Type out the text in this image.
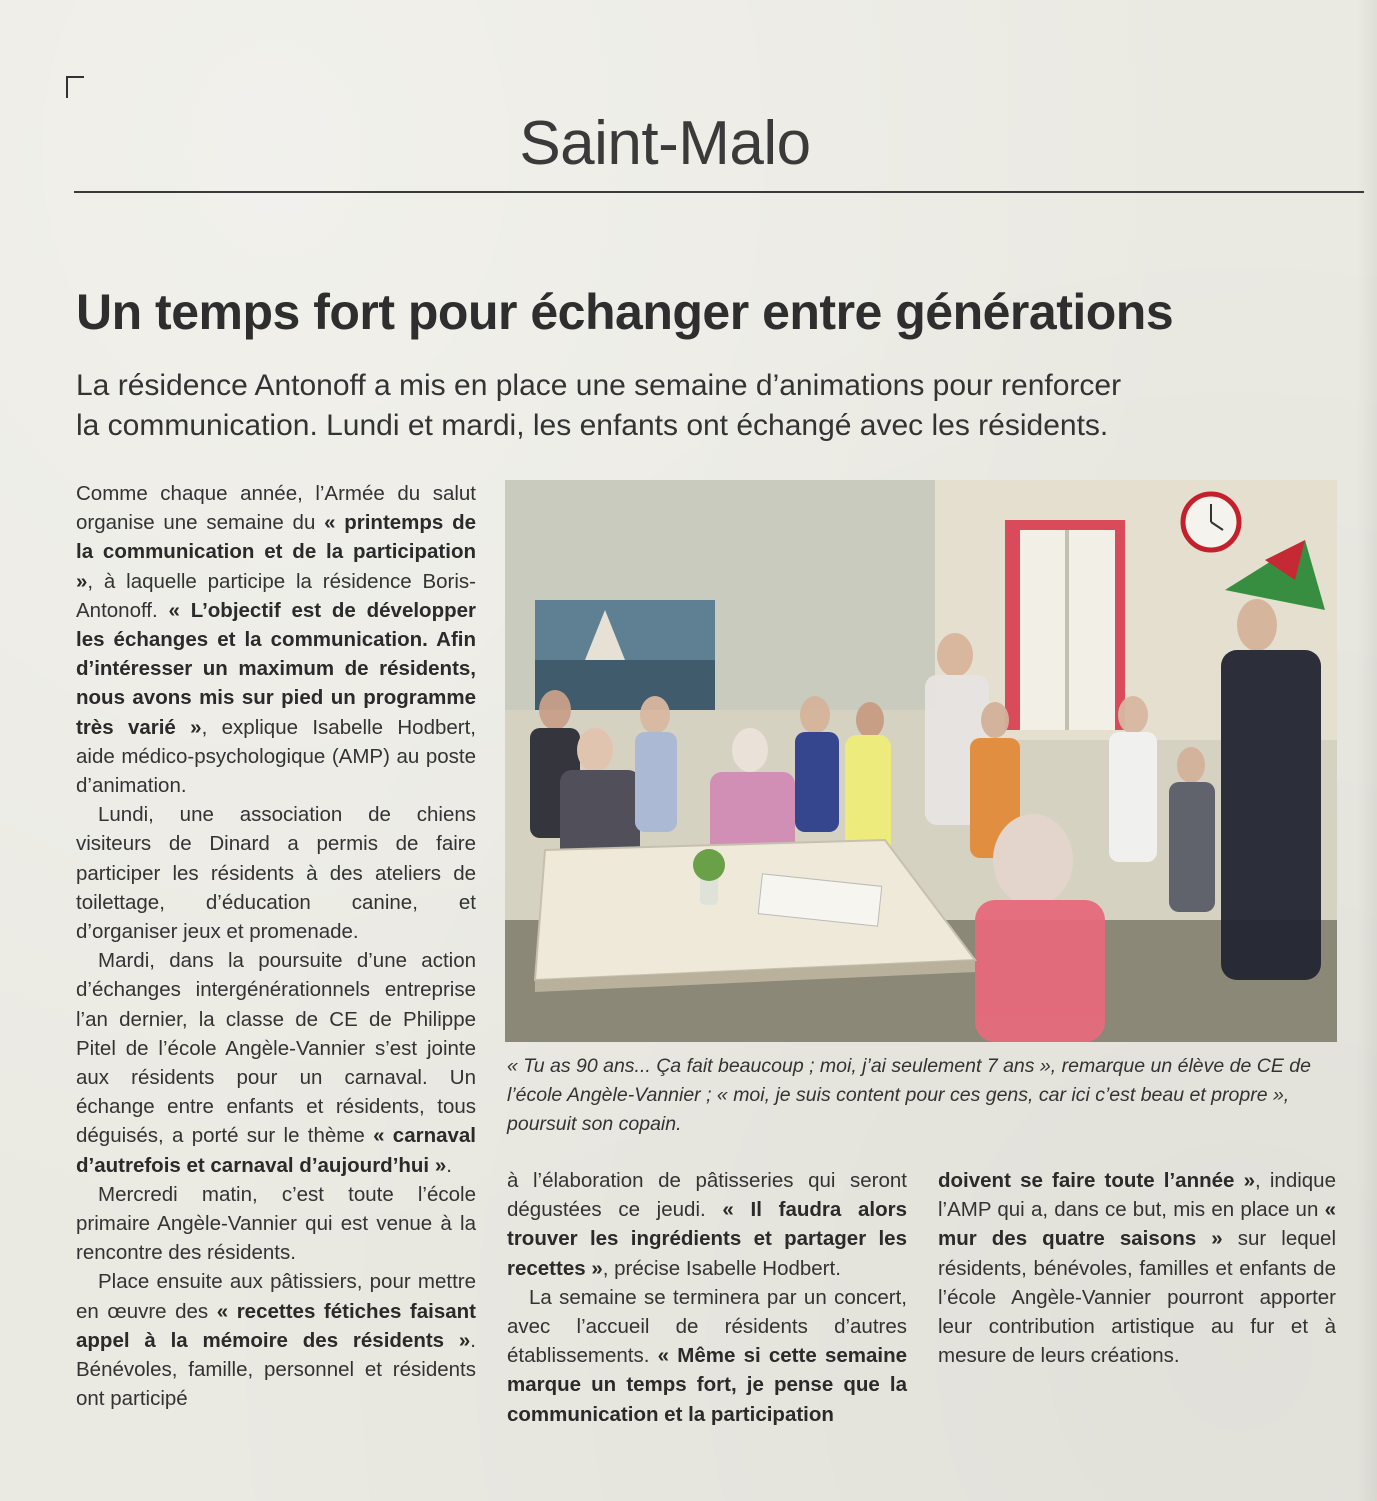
Saint-Malo
Un temps fort pour échanger entre générations
La résidence Antonoff a mis en place une semaine d’animations pour renforcer
la communication. Lundi et mardi, les enfants ont échangé avec les résidents.

Comme chaque année, l’Armée du salut organise une semaine du « printemps de la communication et de la participation », à laquelle participe la résidence Boris-Antonoff. « L’objectif est de développer les échanges et la communication. Afin d’intéresser un maximum de résidents, nous avons mis sur pied un programme très varié », explique Isabelle Hodbert, aide médico-psychologique (AMP) au poste d’animation.

Lundi, une association de chiens visiteurs de Dinard a permis de faire participer les résidents à des ateliers de toilettage, d’éducation canine, et d’organiser jeux et promenade.

Mardi, dans la poursuite d’une action d’échanges intergénérationnels entreprise l’an dernier, la classe de CE de Philippe Pitel de l’école Angèle-Vannier s’est jointe aux résidents pour un carnaval. Un échange entre enfants et résidents, tous déguisés, a porté sur le thème « carnaval d’autrefois et carnaval d’aujourd’hui ».

Mercredi matin, c’est toute l’école primaire Angèle-Vannier qui est venue à la rencontre des résidents.

Place ensuite aux pâtissiers, pour mettre en œuvre des « recettes fétiches faisant appel à la mémoire des résidents ». Bénévoles, famille, personnel et résidents ont participé

« Tu as 90 ans... Ça fait beaucoup ; moi, j’ai seulement 7 ans », remarque un élève de CE de l’école Angèle-Vannier ; « moi, je suis content pour ces gens, car ici c’est beau et propre », poursuit son copain.

à l’élaboration de pâtisseries qui seront dégustées ce jeudi. « Il faudra alors trouver les ingrédients et partager les recettes », précise Isabelle Hodbert.

La semaine se terminera par un concert, avec l’accueil de résidents d’autres établissements. « Même si cette semaine marque un temps fort, je pense que la communication et la participation

doivent se faire toute l’année », indique l’AMP qui a, dans ce but, mis en place un « mur des quatre saisons » sur lequel résidents, bénévoles, familles et enfants de l’école Angèle-Vannier pourront apporter leur contribution artistique au fur et à mesure de leurs créations.
